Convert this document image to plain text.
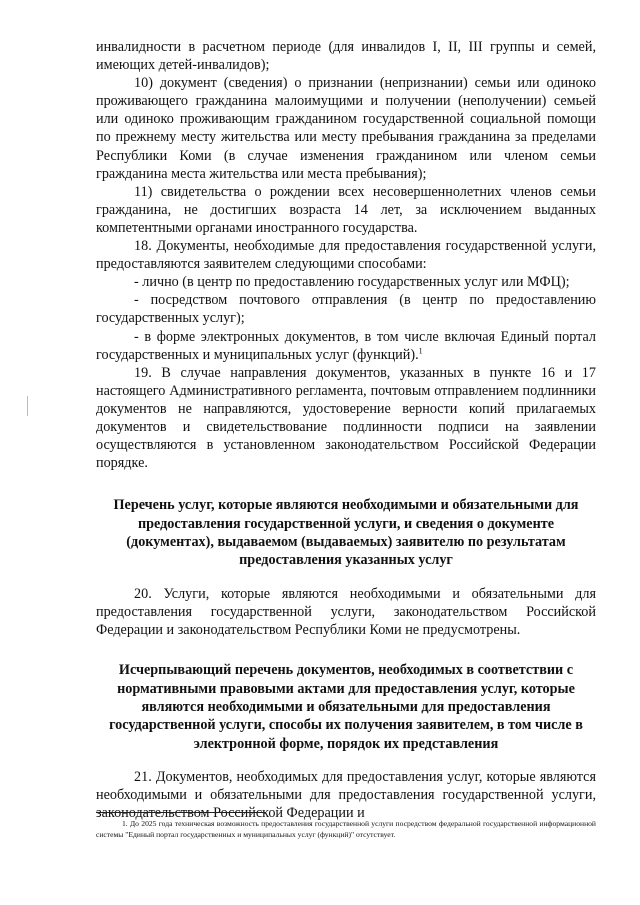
инвалидности в расчетном периоде (для инвалидов I, II, III группы и семей, имеющих детей-инвалидов);

10) документ (сведения) о признании (непризнании) семьи или одиноко проживающего гражданина малоимущими и получении (неполучении) семьей или одиноко проживающим гражданином государственной социальной помощи по прежнему месту жительства или месту пребывания гражданина за пределами Республики Коми (в случае изменения гражданином или членом семьи гражданина места жительства или места пребывания);

11) свидетельства о рождении всех несовершеннолетних членов семьи гражданина, не достигших возраста 14 лет, за исключением выданных компетентными органами иностранного государства.

18. Документы, необходимые для предоставления государственной услуги, предоставляются заявителем следующими способами:

- лично (в центр по предоставлению государственных услуг или МФЦ);

- посредством почтового отправления (в центр по предоставлению государственных услуг);

- в форме электронных документов, в том числе включая Единый портал государственных и муниципальных услуг (функций).$^1$

19. В случае направления документов, указанных в пункте 16 и 17 настоящего Административного регламента, почтовым отправлением подлинники документов не направляются, удостоверение верности копий прилагаемых документов и свидетельствование подлинности подписи на заявлении осуществляются в установленном законодательством Российской Федерации порядке.

Перечень услуг, которые являются необходимыми и обязательными для предоставления государственной услуги, и сведения о документе (документах), выдаваемом (выдаваемых) заявителю по результатам предоставления указанных услуг

20. Услуги, которые являются необходимыми и обязательными для предоставления государственной услуги, законодательством Российской Федерации и законодательством Республики Коми не предусмотрены.

Исчерпывающий перечень документов, необходимых в соответствии с нормативными правовыми актами для предоставления услуг, которые являются необходимыми и обязательными для предоставления государственной услуги, способы их получения заявителем, в том числе в электронной форме, порядок их представления

21. Документов, необходимых для предоставления услуг, которые являются необходимыми и обязательными для предоставления государственной услуги, законодательством Российской Федерации и

1. До 2025 года техническая возможность предоставления государственной услуги посредством федеральной государственной информационной системы "Единый портал государственных и муниципальных услуг (функций)" отсутствует.
